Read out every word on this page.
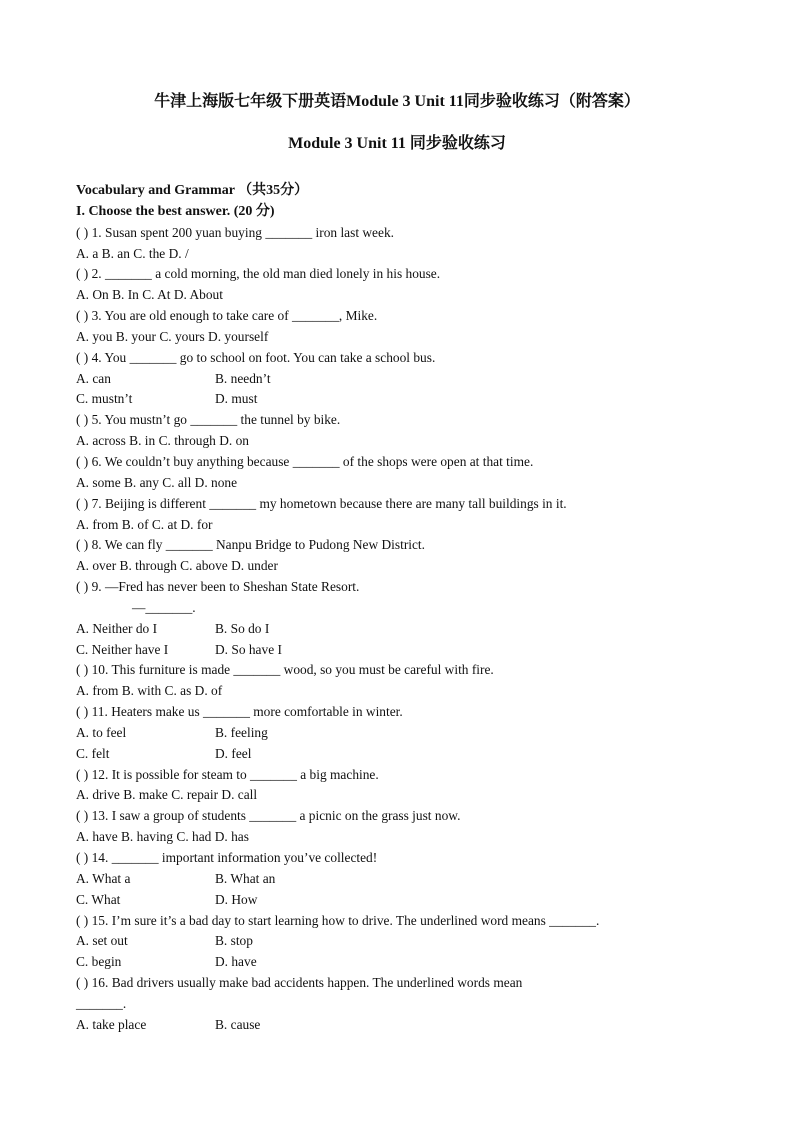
牛津上海版七年级下册英语Module 3 Unit 11同步验收练习（附答案）
Module 3 Unit 11 同步验收练习
Vocabulary and Grammar （共35分）
I. Choose the best answer. (20 分)
( ) 1. Susan spent 200 yuan buying _______ iron last week.
A. a B. an C. the D. /
( ) 2. _______ a cold morning, the old man died lonely in his house.
A. On B. In C. At D. About
( ) 3. You are old enough to take care of _______, Mike.
A. you B. your C. yours D. yourself
( ) 4. You _______ go to school on foot. You can take a school bus.
A. can	B. needn’t
C. mustn’t	D. must
( ) 5. You mustn’t go _______ the tunnel by bike.
A. across B. in C. through D. on
( ) 6. We couldn’t buy anything because _______ of the shops were open at that time.
A. some B. any C. all D. none
( ) 7. Beijing is different _______ my hometown because there are many tall buildings in it.
A. from B. of C. at D. for
( ) 8. We can fly _______ Nanpu Bridge to Pudong New District.
A. over B. through C. above D. under
( ) 9. —Fred has never been to Sheshan State Resort.
—_______.
A. Neither do I	B. So do I
C. Neither have I	D. So have I
( ) 10. This furniture is made _______ wood, so you must be careful with fire.
A. from B. with C. as D. of
( ) 11. Heaters make us _______ more comfortable in winter.
A. to feel	B. feeling
C. felt	D. feel
( ) 12. It is possible for steam to _______ a big machine.
A. drive B. make C. repair D. call
( ) 13. I saw a group of students _______ a picnic on the grass just now.
A. have B. having C. had D. has
( ) 14. _______ important information you’ve collected!
A. What a	B. What an
C. What	D. How
( ) 15. I’m sure it’s a bad day to start learning how to drive. The underlined word means _______.
A. set out	B. stop
C. begin	D. have
( ) 16. Bad drivers usually make bad accidents happen. The underlined words mean
_______.
A. take place	B. cause
